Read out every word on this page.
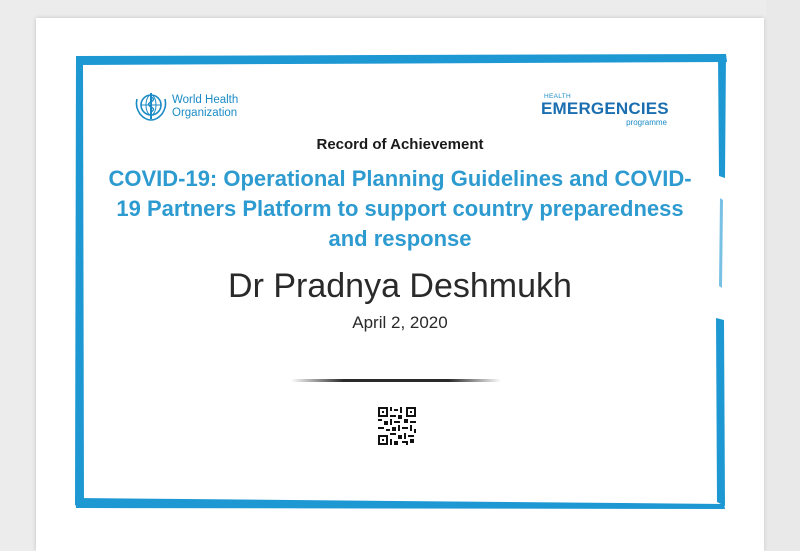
World Health
Organization
HEALTH
EMERGENCIES
programme
Record of Achievement
COVID-19: Operational Planning Guidelines and COVID-19 Partners Platform to support country preparedness and response
Dr Pradnya Deshmukh
April 2, 2020
